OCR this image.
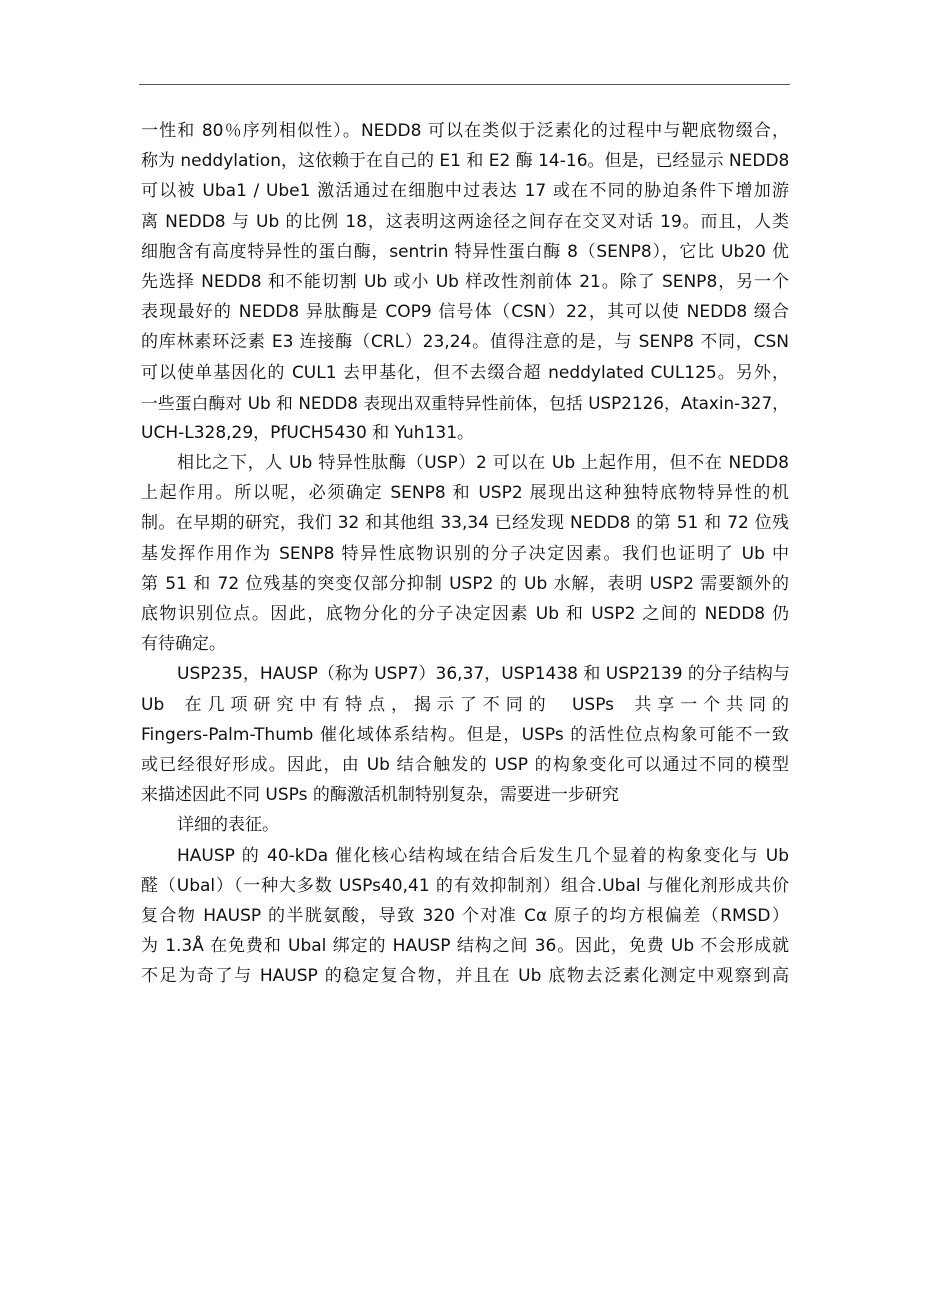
一性和 80％序列相似性）。NEDD8 可以在类似于泛素化的过程中与靶底物缀合，
称为 neddylation，这依赖于在自己的 E1 和 E2 酶 14-16。但是，已经显示 NEDD8
可以被 Uba1 / Ube1 激活通过在细胞中过表达 17 或在不同的胁迫条件下增加游
离 NEDD8 与 Ub 的比例 18，这表明这两途径之间存在交叉对话 19。而且，人类
细胞含有高度特异性的蛋白酶，sentrin 特异性蛋白酶 8（SENP8），它比 Ub20 优
先选择 NEDD8 和不能切割 Ub 或小 Ub 样改性剂前体 21。除了 SENP8，另一个
表现最好的 NEDD8 异肽酶是 COP9 信号体（CSN）22，其可以使 NEDD8 缀合
的库林素环泛素 E3 连接酶（CRL）23,24。值得注意的是，与 SENP8 不同，CSN
可以使单基因化的 CUL1 去甲基化，但不去缀合超 neddylated CUL125。另外，
一些蛋白酶对 Ub 和 NEDD8 表现出双重特异性前体，包括 USP2126，Ataxin-327，
UCH-L328,29，PfUCH5430 和 Yuh131。
相比之下，人 Ub 特异性肽酶（USP）2 可以在 Ub 上起作用，但不在 NEDD8
上起作用。所以呢，必须确定 SENP8 和 USP2 展现出这种独特底物特异性的机
制。在早期的研究，我们 32 和其他组 33,34 已经发现 NEDD8 的第 51 和 72 位残
基发挥作用作为 SENP8 特异性底物识别的分子决定因素。我们也证明了 Ub 中
第 51 和 72 位残基的突变仅部分抑制 USP2 的 Ub 水解，表明 USP2 需要额外的
底物识别位点。因此，底物分化的分子决定因素 Ub 和 USP2 之间的 NEDD8 仍
有待确定。
USP235，HAUSP（称为 USP7）36,37，USP1438 和 USP2139 的分子结构与
Ub 在几项研究中有特点，揭示了不同的 USPs 共享一个共同的
Fingers-Palm-Thumb 催化域体系结构。但是，USPs 的活性位点构象可能不一致
或已经很好形成。因此，由 Ub 结合触发的 USP 的构象变化可以通过不同的模型
来描述因此不同 USPs 的酶激活机制特别复杂，需要进一步研究
详细的表征。
HAUSP 的 40-kDa 催化核心结构域在结合后发生几个显着的构象变化与 Ub
醛（Ubal）（一种大多数 USPs40,41 的有效抑制剂）组合.Ubal 与催化剂形成共价
复合物 HAUSP 的半胱氨酸，导致 320 个对准 Cα 原子的均方根偏差（RMSD）
为 1.3Å 在免费和 Ubal 绑定的 HAUSP 结构之间 36。因此，免费 Ub 不会形成就
不足为奇了与 HAUSP 的稳定复合物，并且在 Ub 底物去泛素化测定中观察到高
